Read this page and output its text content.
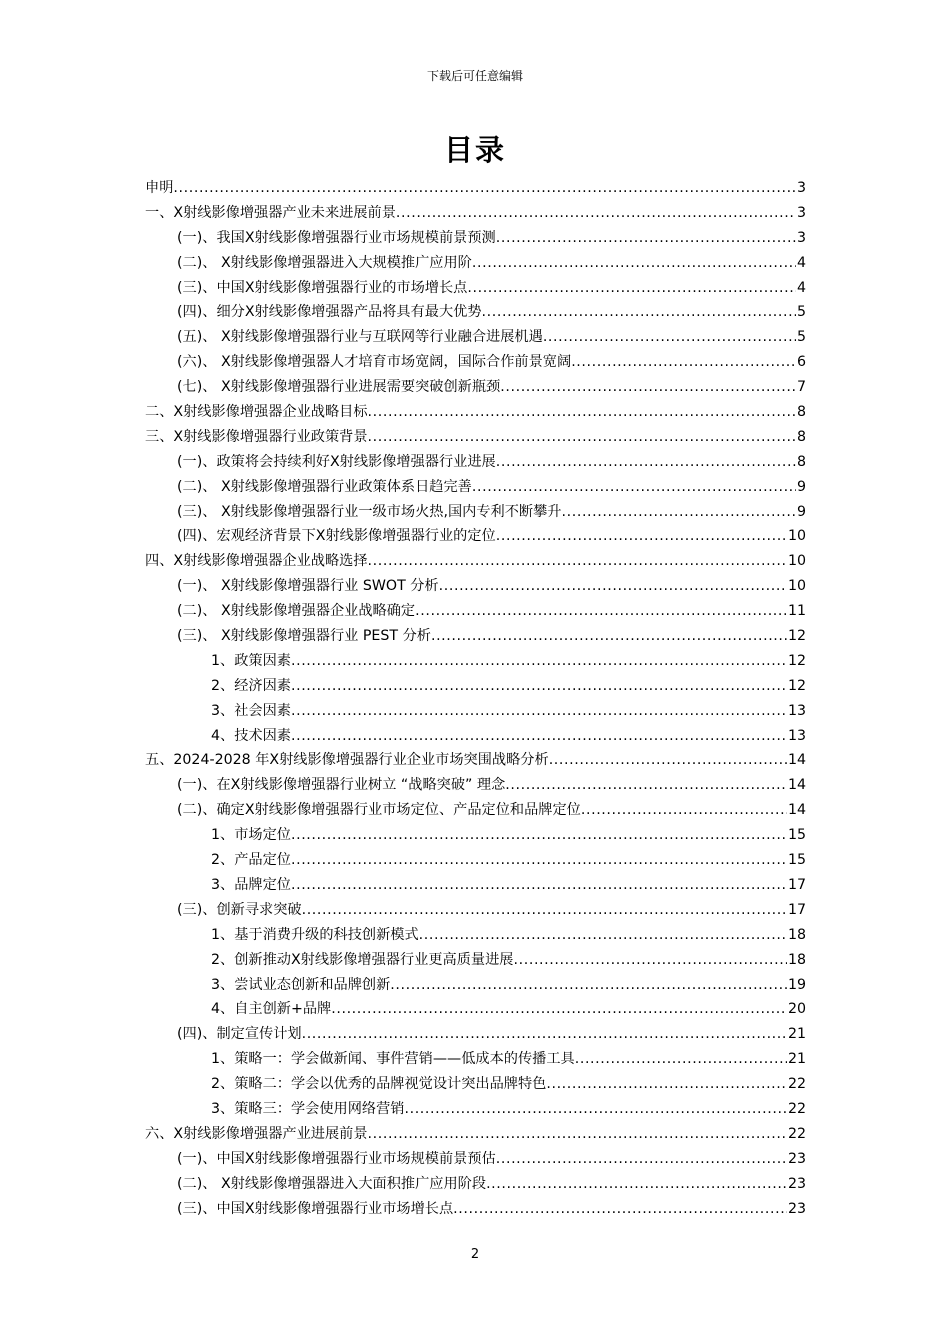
下载后可任意编辑
目录
申明 .....	3
一、X射线影像增强器产业未来进展前景 .....	3
(一)、我国X射线影像增强器行业市场规模前景预测 .....	3
(二)、 X射线影像增强器进入大规模推广应用阶 .....	4
(三)、中国X射线影像增强器行业的市场增长点 .....	4
(四)、细分X射线影像增强器产品将具有最大优势 .....	5
(五)、 X射线影像增强器行业与互联网等行业融合进展机遇 .....	5
(六)、 X射线影像增强器人才培育市场宽阔，国际合作前景宽阔 .....	6
(七)、 X射线影像增强器行业进展需要突破创新瓶颈 .....	7
二、X射线影像增强器企业战略目标 .....	8
三、X射线影像增强器行业政策背景 .....	8
(一)、政策将会持续利好X射线影像增强器行业进展 .....	8
(二)、 X射线影像增强器行业政策体系日趋完善 .....	9
(三)、 X射线影像增强器行业一级市场火热,国内专利不断攀升 .....	9
(四)、宏观经济背景下X射线影像增强器行业的定位 .....	10
四、X射线影像增强器企业战略选择 .....	10
(一)、 X射线影像增强器行业 SWOT 分析 .....	10
(二)、 X射线影像增强器企业战略确定 .....	11
(三)、 X射线影像增强器行业 PEST 分析 .....	12
1、政策因素 .....	12
2、经济因素 .....	12
3、社会因素 .....	13
4、技术因素 .....	13
五、2024-2028 年X射线影像增强器行业企业市场突围战略分析 .....	14
(一)、在X射线影像增强器行业树立 “战略突破” 理念 .....	14
(二)、确定X射线影像增强器行业市场定位、产品定位和品牌定位 .....	14
1、市场定位 .....	15
2、产品定位 .....	15
3、品牌定位 .....	17
(三)、创新寻求突破 .....	17
1、基于消费升级的科技创新模式 .....	18
2、创新推动X射线影像增强器行业更高质量进展 .....	18
3、尝试业态创新和品牌创新 .....	19
4、自主创新+品牌 .....	20
(四)、制定宣传计划 .....	21
1、策略一：学会做新闻、事件营销——低成本的传播工具 .....	21
2、策略二：学会以优秀的品牌视觉设计突出品牌特色 .....	22
3、策略三：学会使用网络营销 .....	22
六、X射线影像增强器产业进展前景 .....	22
(一)、中国X射线影像增强器行业市场规模前景预估 .....	23
(二)、 X射线影像增强器进入大面积推广应用阶段 .....	23
(三)、中国X射线影像增强器行业市场增长点 .....	23
2
